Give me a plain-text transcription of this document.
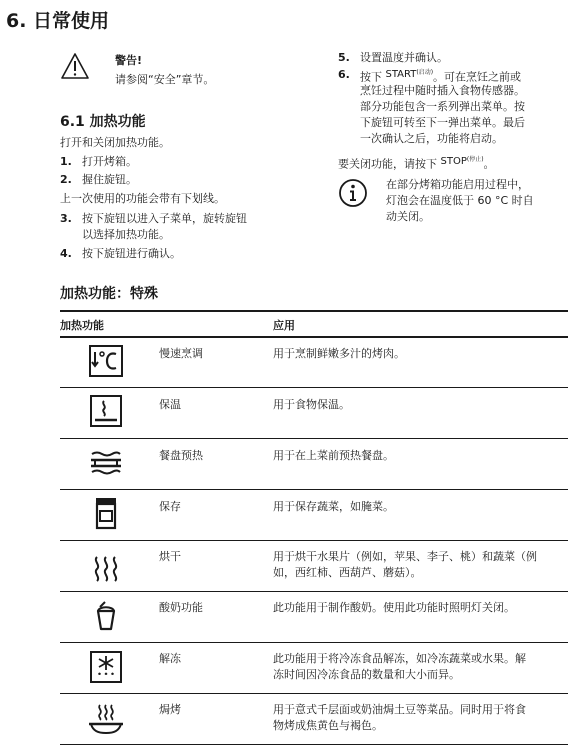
6. 日常使用
警告!
请参阅“安全”章节。
6.1 加热功能
打开和关闭加热功能。
1. 打开烤箱。
2. 握住旋钮。
上一次使用的功能会带有下划线。
3. 按下旋钮以进入子菜单，旋转旋钮
以选择加热功能。
4. 按下旋钮进行确认。
5. 设置温度并确认。
6. 按下 $START^{(启动)}$。可在烹饪之前或
烹饪过程中随时插入食物传感器。
部分功能包含一系列弹出菜单。按
下旋钮可转至下一弹出菜单。最后
一次确认之后，功能将启动。
要关闭功能，请按下 $STOP^{(停止)}$。
在部分烤箱功能启用过程中，
灯泡会在温度低于 60 °C 时自
动关闭。
加热功能：特殊
加热功能	应用
慢速烹调	用于烹制鲜嫩多汁的烤肉。
保温	用于食物保温。
餐盘预热	用于在上菜前预热餐盘。
保存	用于保存蔬菜，如腌菜。
烘干	用于烘干水果片（例如，苹果、李子、桃）和蔬菜（例
如，西红柿、西葫芦、蘑菇）。
酸奶功能	此功能用于制作酸奶。使用此功能时照明灯关闭。
解冻	此功能用于将冷冻食品解冻，如冷冻蔬菜或水果。解
冻时间因冷冻食品的数量和大小而异。
焗烤	用于意式千层面或奶油焗土豆等菜品。同时用于将食
物烤成焦黄色与褐色。
